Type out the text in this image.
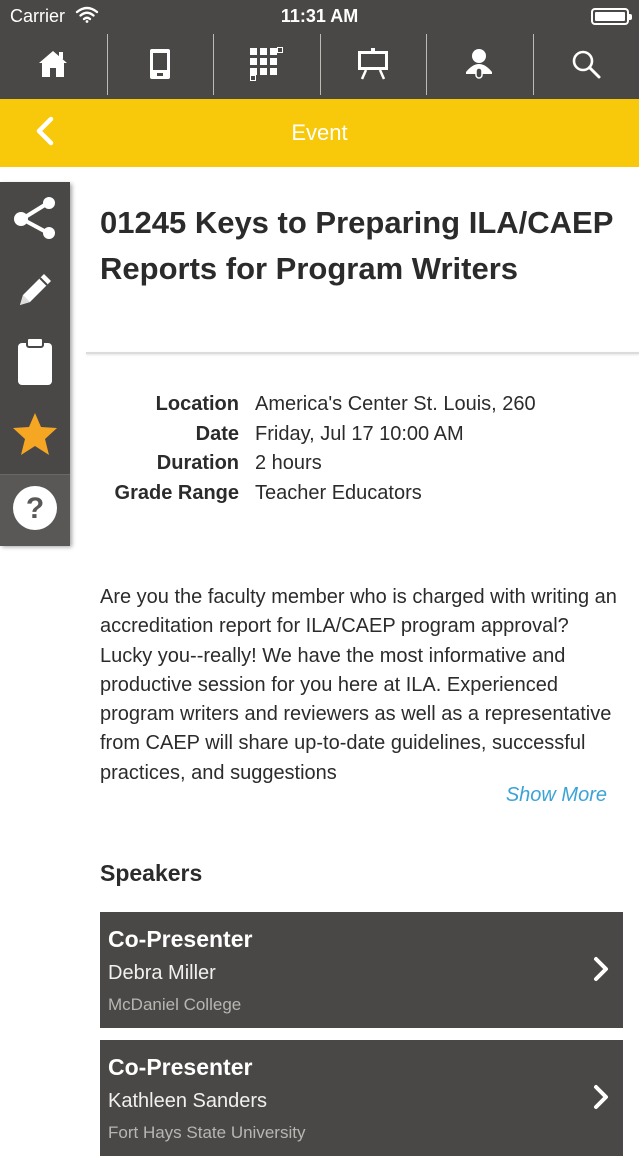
Carrier	11:31 AM
Event
?
01245 Keys to Preparing ILA/CAEP Reports for Program Writers
Location America's Center St. Louis, 260
Date Friday, Jul 17 10:00 AM
Duration 2 hours
Grade Range Teacher Educators
Are you the faculty member who is charged with writing an accreditation report for ILA/CAEP program approval? Lucky you--really! We have the most informative and productive session for you here at ILA. Experienced program writers and reviewers as well as a representative from CAEP will share up-to-date guidelines, successful practices, and suggestions
Show More
Speakers
Co-Presenter
Debra Miller
McDaniel College
Co-Presenter
Kathleen Sanders
Fort Hays State University
